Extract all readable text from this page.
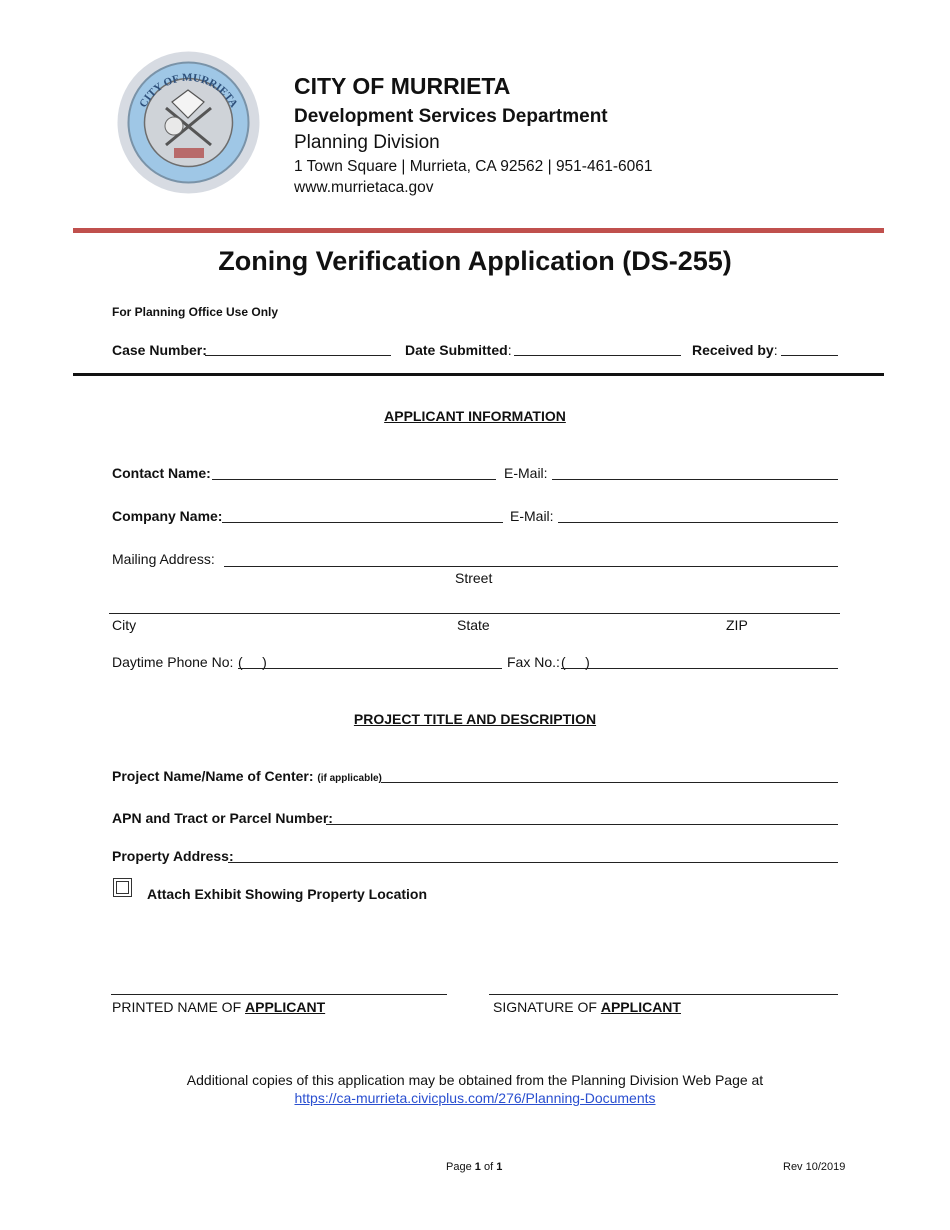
CITY OF MURRIETA
CITY OF MURRIETA
Development Services Department
Planning Division
1 Town Square | Murrieta, CA 92562 | 951-461-6061
www.murrietaca.gov
Zoning Verification Application (DS-255)
For Planning Office Use Only
Case Number:	Date Submitted:	Received by:
APPLICANT INFORMATION
Contact Name:	E-Mail:
Company Name:	E-Mail:
Mailing Address:
Street
City	State	ZIP
Daytime Phone No: (     )	Fax No.: (     )
PROJECT TITLE AND DESCRIPTION
Project Name/Name of Center: (if applicable)
APN and Tract or Parcel Number:
Property Address:
Attach Exhibit Showing Property Location
PRINTED NAME OF APPLICANT	SIGNATURE OF APPLICANT
Additional copies of this application may be obtained from the Planning Division Web Page at
https://ca-murrieta.civicplus.com/276/Planning-Documents
Page 1 of 1	Rev 10/2019
